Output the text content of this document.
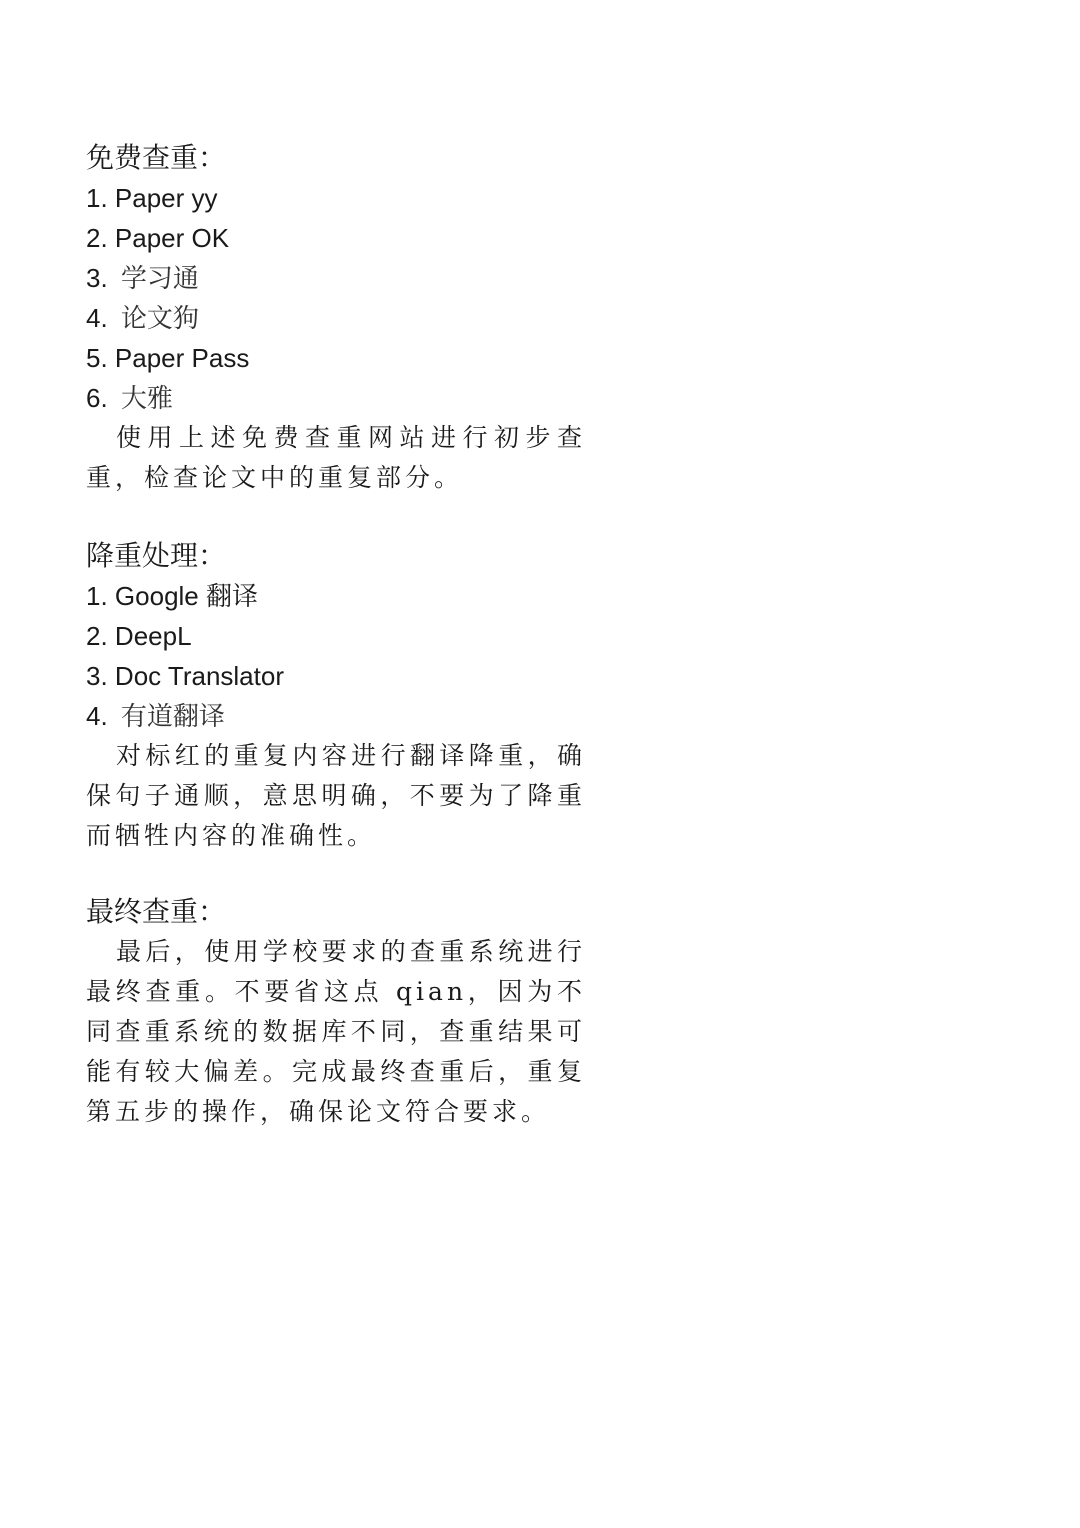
免费查重：
1. Paper yy
2. Paper OK
3. 学习通
4. 论文狗
5. Paper Pass
6. 大雅

使用上述免费查重网站进行初步查重，检查论文中的重复部分。

降重处理：
1. Google 翻译
2. DeepL
3. Doc Translator
4. 有道翻译

对标红的重复内容进行翻译降重，确保句子通顺，意思明确，不要为了降重而牺牲内容的准确性。

最终查重：

最后，使用学校要求的查重系统进行最终查重。不要省这点 qian，因为不同查重系统的数据库不同，查重结果可能有较大偏差。完成最终查重后，重复第五步的操作，确保论文符合要求。
